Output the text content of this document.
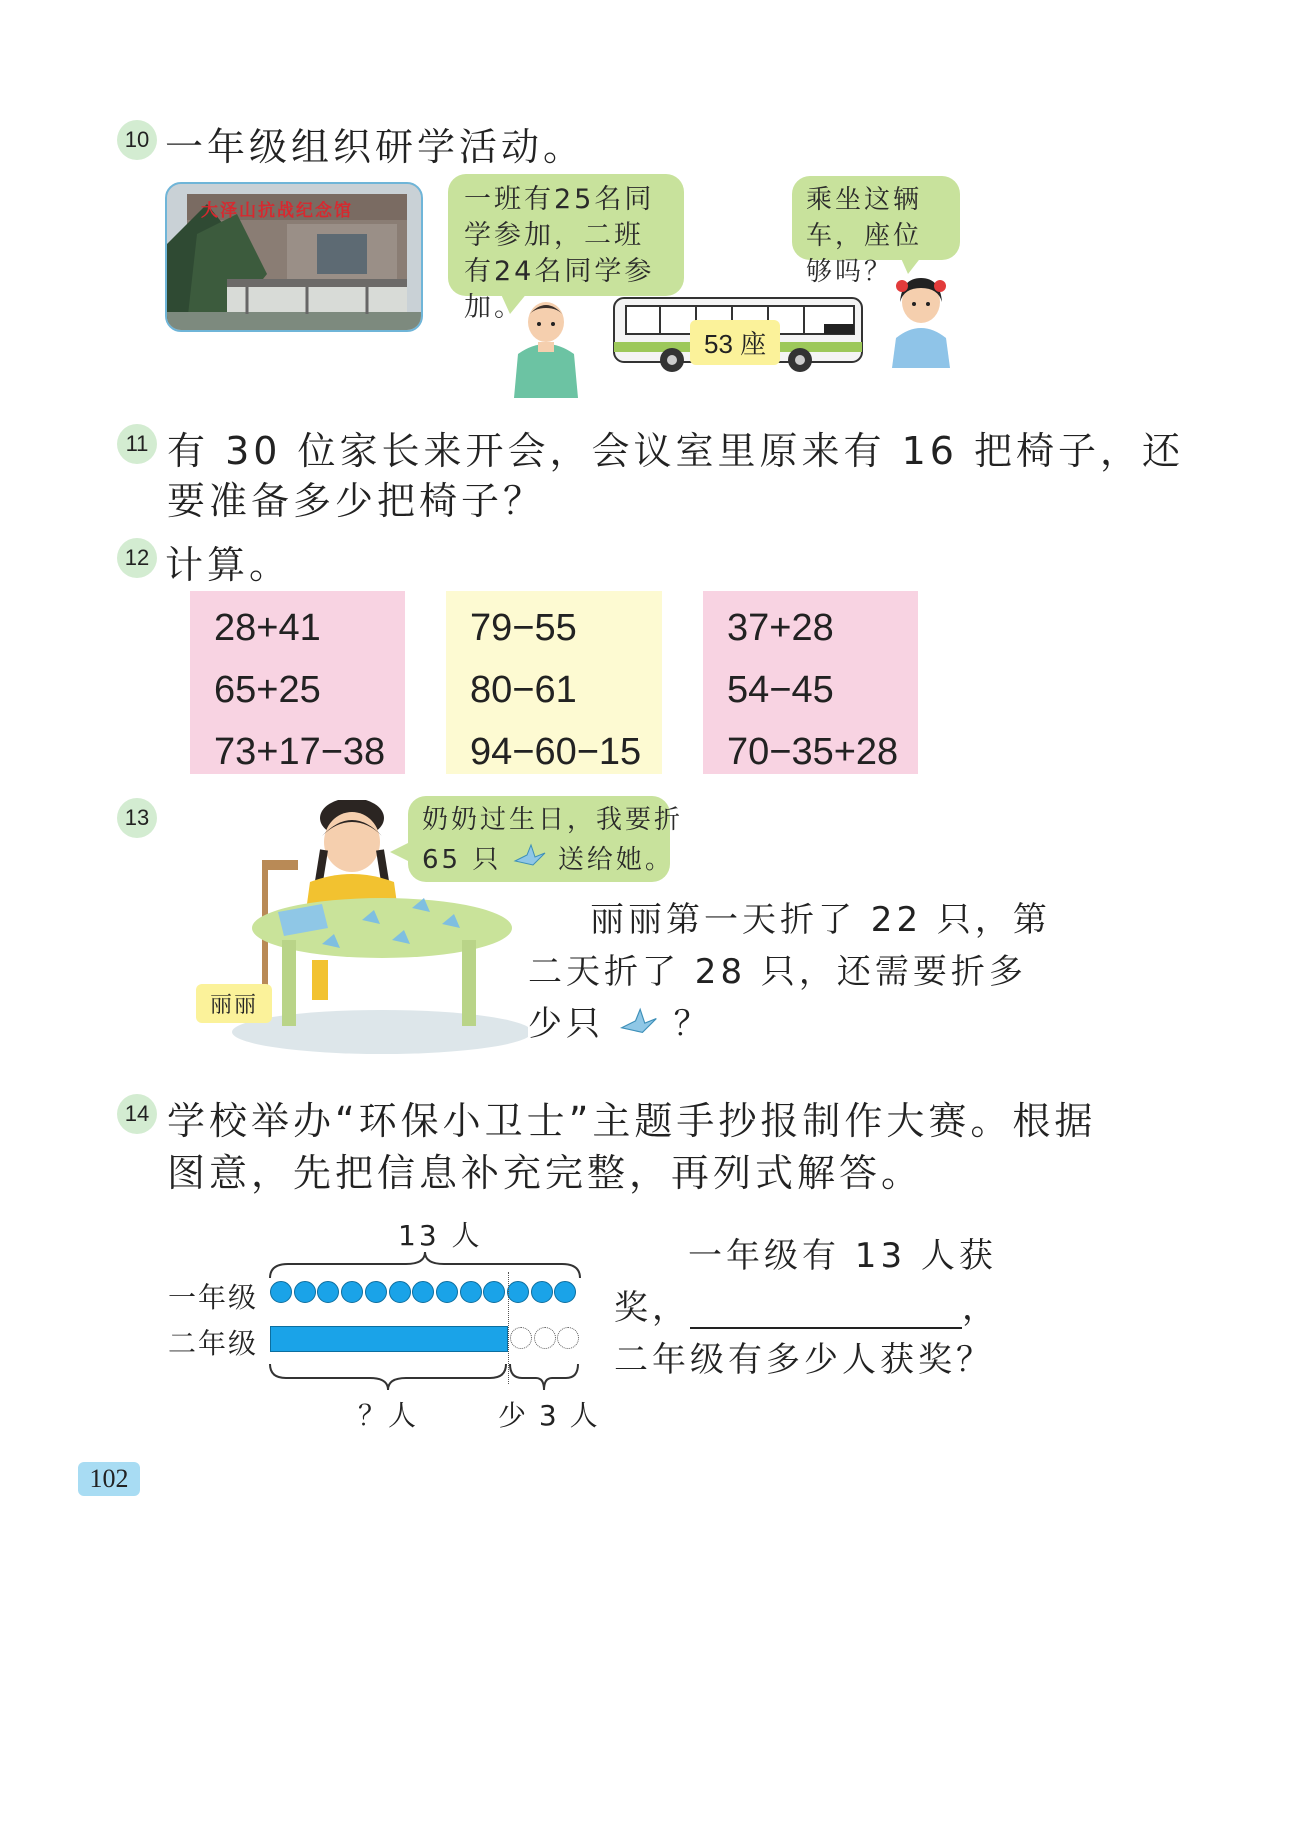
10 一年级组织研学活动。
大泽山抗战纪念馆	一班有25名同学参加，二班有24名同学参加。
乘坐这辆车，座位够吗？
53 座
11 有 30 位家长来开会，会议室里原来有 16 把椅子，还
要准备多少把椅子？
12 计算。
28+41
65+25
73+17−38
79−55
80−61
94−60−15
37+28
54−45
70−35+28
13
丽丽
奶奶过生日，我要折
65 只 送给她。
丽丽第一天折了 22 只，第
二天折了 28 只，还需要折多
少只 ？
14 学校举办“环保小卫士”主题手抄报制作大赛。根据
图意，先把信息补充完整，再列式解答。
13 人
一年级
二年级
？人	少 3 人
一年级有 13 人获
奖，	，
二年级有多少人获奖？
102
